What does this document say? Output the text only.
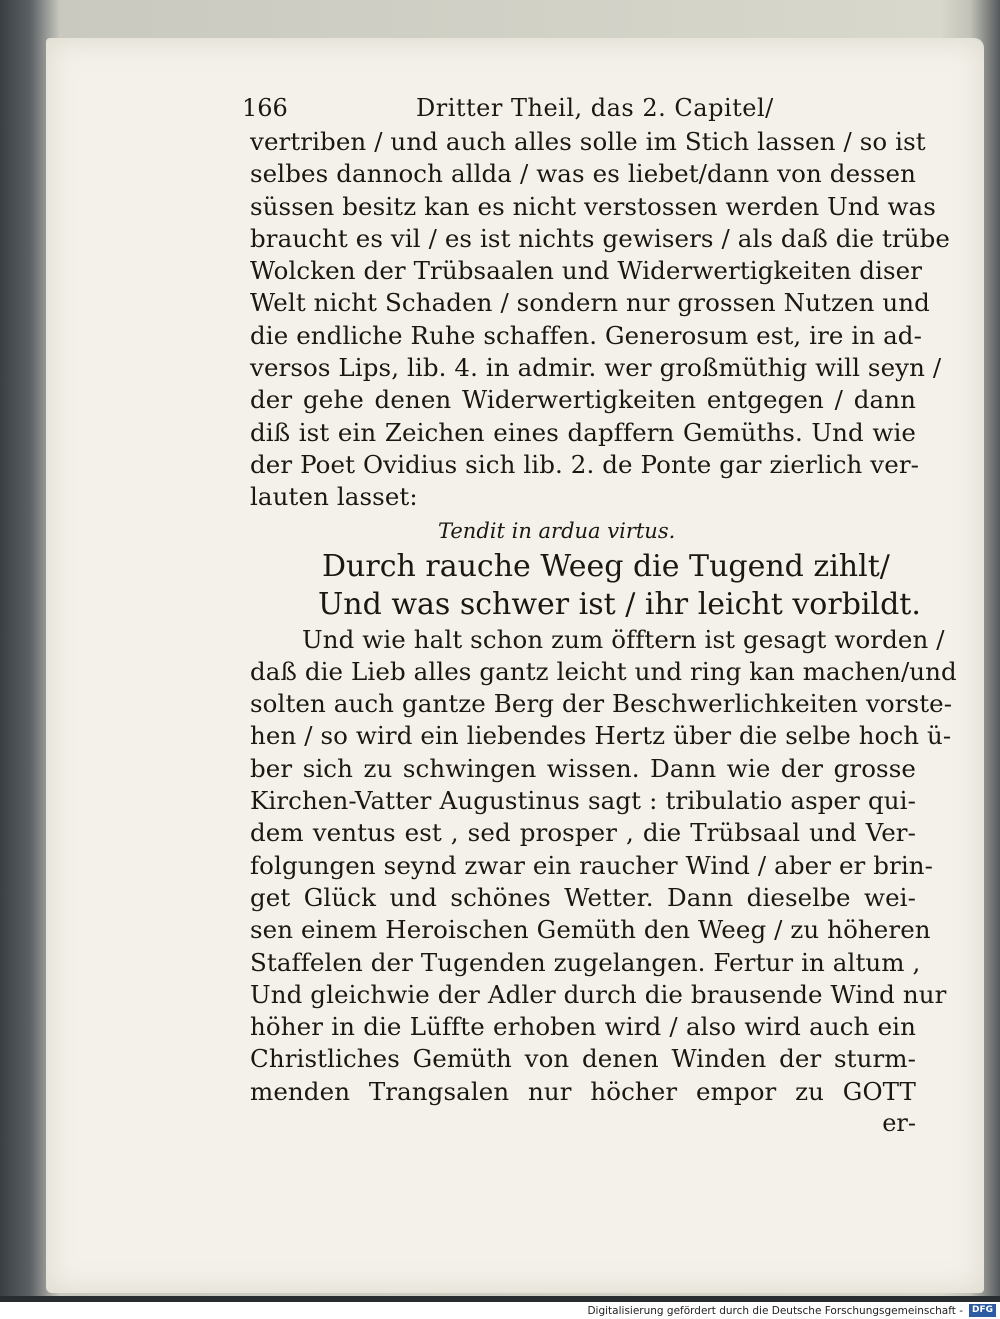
166	Dritter Theil, das 2. Capitel/
vertriben / und auch alles solle im Stich lassen / so ist
selbes dannoch allda / was es liebet/dann von dessen
süssen besitz kan es nicht verstossen werden Und was
braucht es vil / es ist nichts gewisers / als daß die trübe
Wolcken der Trübsaalen und Widerwertigkeiten diser
Welt nicht Schaden / sondern nur grossen Nutzen und
die endliche Ruhe schaffen. Generosum est, ire in ad-
versos Lips, lib. 4. in admir. wer großmüthig will seyn /
der gehe denen Widerwertigkeiten entgegen / dann
diß ist ein Zeichen eines dapffern Gemüths. Und wie
der Poet Ovidius sich lib. 2. de Ponte gar zierlich ver-
lauten lasset:
Tendit in ardua virtus.
Durch rauche Weeg die Tugend zihlt/
Und was schwer ist / ihr leicht vorbildt.
Und wie halt schon zum öfftern ist gesagt worden /
daß die Lieb alles gantz leicht und ring kan machen/und
solten auch gantze Berg der Beschwerlichkeiten vorste-
hen / so wird ein liebendes Hertz über die selbe hoch ü-
ber sich zu schwingen wissen. Dann wie der grosse
Kirchen-Vatter Augustinus sagt : tribulatio asper qui-
dem ventus est , sed prosper , die Trübsaal und Ver-
folgungen seynd zwar ein raucher Wind / aber er brin-
get Glück und schönes Wetter. Dann dieselbe wei-
sen einem Heroischen Gemüth den Weeg / zu höheren
Staffelen der Tugenden zugelangen. Fertur in altum ,
Und gleichwie der Adler durch die brausende Wind nur
höher in die Lüffte erhoben wird / also wird auch ein
Christliches Gemüth von denen Winden der sturm-
menden Trangsalen nur höcher empor zu GOTT
er-
Digitalisierung gefördert durch die Deutsche Forschungsgemeinschaft -	DFG
